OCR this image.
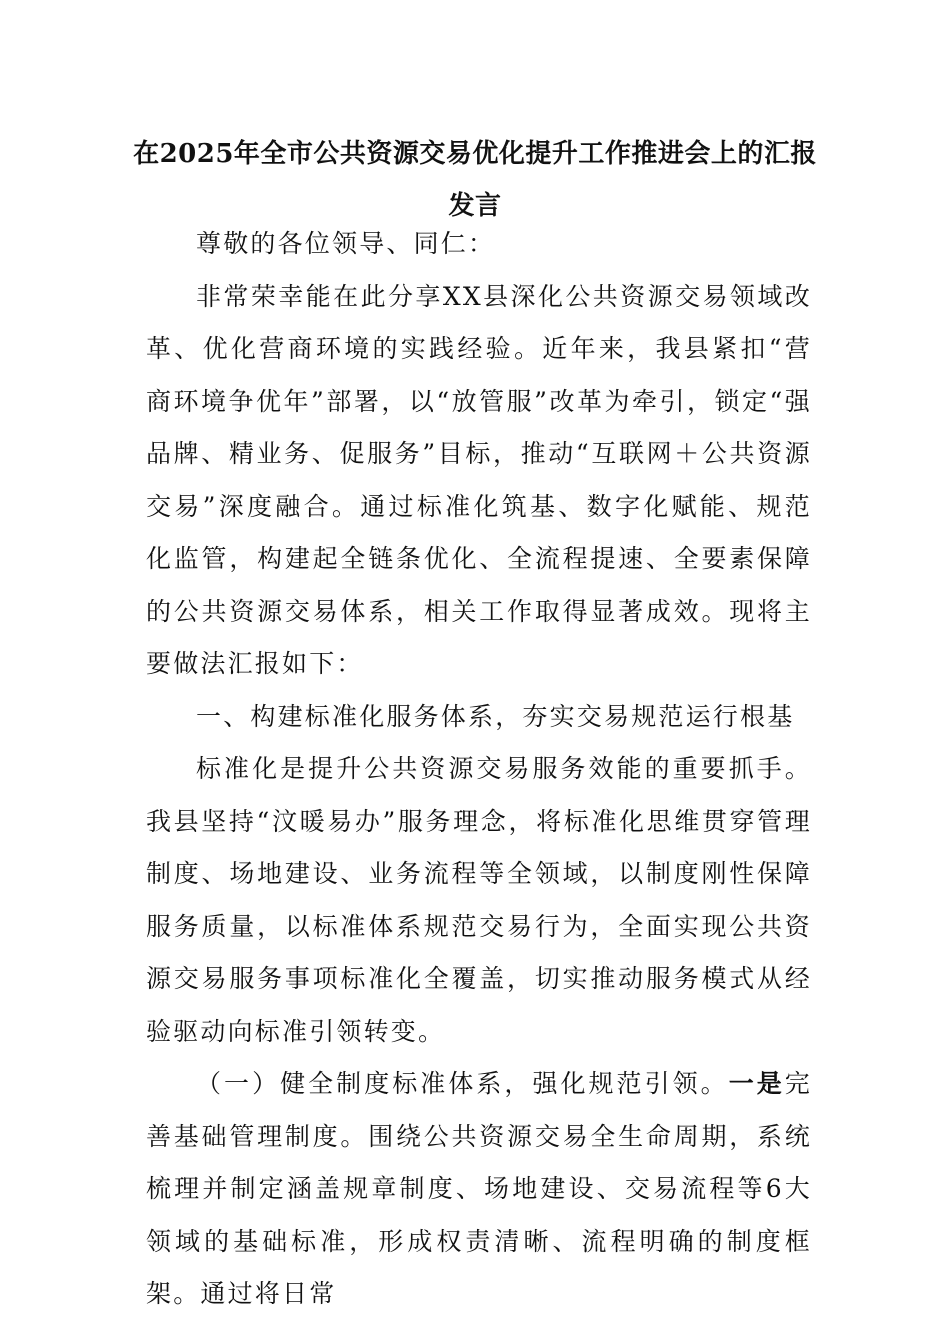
在2025年全市公共资源交易优化提升工作推进会上的汇报发言

尊敬的各位领导、同仁：

非常荣幸能在此分享XX县深化公共资源交易领域改革、优化营商环境的实践经验。近年来，我县紧扣“营商环境争优年”部署，以“放管服”改革为牵引，锁定“强品牌、精业务、促服务”目标，推动“互联网＋公共资源交易”深度融合。通过标准化筑基、数字化赋能、规范化监管，构建起全链条优化、全流程提速、全要素保障的公共资源交易体系，相关工作取得显著成效。现将主要做法汇报如下：

一、构建标准化服务体系，夯实交易规范运行根基

标准化是提升公共资源交易服务效能的重要抓手。我县坚持“汶暖易办”服务理念，将标准化思维贯穿管理制度、场地建设、业务流程等全领域，以制度刚性保障服务质量，以标准体系规范交易行为，全面实现公共资源交易服务事项标准化全覆盖，切实推动服务模式从经验驱动向标准引领转变。

（一）健全制度标准体系，强化规范引领。一是完善基础管理制度。围绕公共资源交易全生命周期，系统梳理并制定涵盖规章制度、场地建设、交易流程等6大领域的基础标准，形成权责清晰、流程明确的制度框架。通过将日常
